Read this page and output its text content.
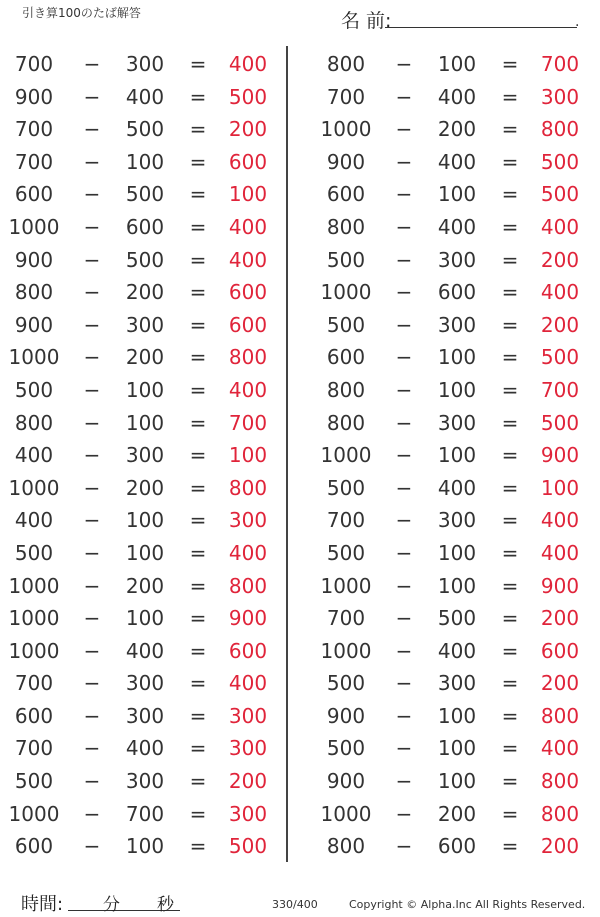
引き算100のたば解答	名 前:	.
700 − 300 = 400
900 − 400 = 500
700 − 500 = 200
700 − 100 = 600
600 − 500 = 100
1000 − 600 = 400
900 − 500 = 400
800 − 200 = 600
900 − 300 = 600
1000 − 200 = 800
500 − 100 = 400
800 − 100 = 700
400 − 300 = 100
1000 − 200 = 800
400 − 100 = 300
500 − 100 = 400
1000 − 200 = 800
1000 − 100 = 900
1000 − 400 = 600
700 − 300 = 400
600 − 300 = 300
700 − 400 = 300
500 − 300 = 200
1000 − 700 = 300
600 − 100 = 500
800 − 100 = 700
700 − 400 = 300
1000 − 200 = 800
900 − 400 = 500
600 − 100 = 500
800 − 400 = 400
500 − 300 = 200
1000 − 600 = 400
500 − 300 = 200
600 − 100 = 500
800 − 100 = 700
800 − 300 = 500
1000 − 100 = 900
500 − 400 = 100
700 − 300 = 400
500 − 100 = 400
1000 − 100 = 900
700 − 500 = 200
1000 − 400 = 600
500 − 300 = 200
900 − 100 = 800
500 − 100 = 400
900 − 100 = 800
1000 − 200 = 800
800 − 600 = 200
時間: 分 秒	330/400	Copyright © Alpha.Inc All Rights Reserved.
